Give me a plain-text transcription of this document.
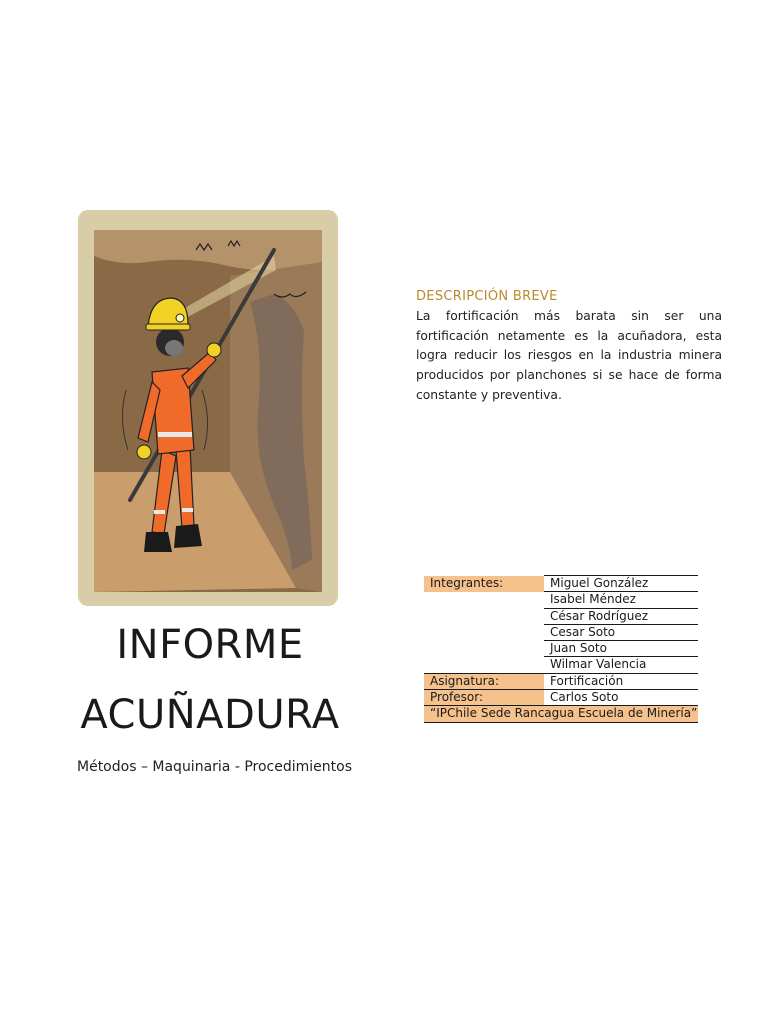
INFORME
ACUÑADURA
Métodos – Maquinaria - Procedimientos
DESCRIPCIÓN BREVE
La fortificación más barata sin ser una fortificación netamente es la acuñadora, esta logra reducir los riesgos en la industria minera producidos por planchones si se hace de forma constante y preventiva.
Integrantes:	Miguel González
	Isabel Méndez
	César Rodríguez
	Cesar Soto
	Juan Soto
	Wilmar Valencia
Asignatura:	Fortificación
Profesor:	Carlos Soto
“IPChile Sede Rancagua Escuela de Minería”	
